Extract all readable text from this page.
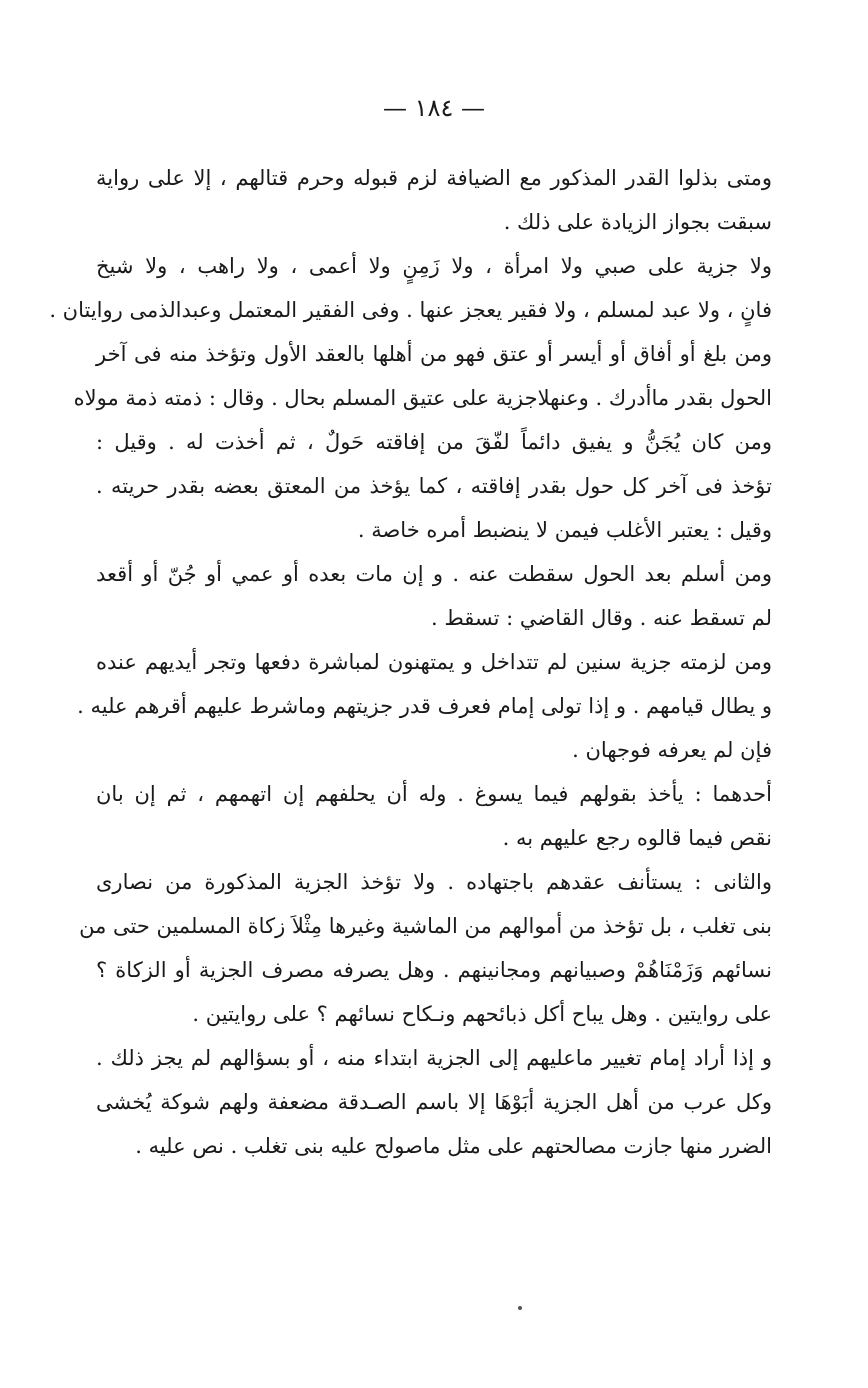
— ١٨٤ —
ومتى بذلوا القدر المذكور مع الضيافة لزم قبوله وحرم قتالهم ، إلا على رواية
سبقت بجواز الزيادة على ذلك .
ولا جزية على صبي ولا امرأة ، ولا زَمِنٍ ولا أعمى ، ولا راهب ، ولا شيخ
فانٍ ، ولا عبد لمسلم ، ولا فقير يعجز عنها . وفى الفقير المعتمل وعبدالذمى روايتان .
ومن بلغ أو أفاق أو أيسر أو عتق فهو من أهلها بالعقد الأول وتؤخذ منه فى آخر
الحول بقدر ماأدرك . وعنهلاجزية على عتيق المسلم بحال . وقال : ذمته ذمة مولاه
ومن كان يُجَنُّ و يفيق دائماً لفّقَ من إفاقته حَولٌ ، ثم أخذت له . وقيل :
تؤخذ فى آخر كل حول بقدر إفاقته ، كما يؤخذ من المعتق بعضه بقدر حريته .
وقيل : يعتبر الأغلب فيمن لا ينضبط أمره خاصة .
ومن أسلم بعد الحول سقطت عنه . و إن مات بعده أو عمي أو جُنّ أو أقعد
لم تسقط عنه . وقال القاضي : تسقط .
ومن لزمته جزية سنين لم تتداخل و يمتهنون لمباشرة دفعها وتجر أيديهم عنده
و يطال قيامهم . و إذا تولى إمام فعرف قدر جزيتهم وماشرط عليهم أقرهم عليه .
فإن لم يعرفه فوجهان .
أحدهما : يأخذ بقولهم فيما يسوغ . وله أن يحلفهم إن اتهمهم ، ثم إن بان
نقص فيما قالوه رجع عليهم به .
والثانى : يستأنف عقدهم باجتهاده . ولا تؤخذ الجزية المذكورة من نصارى
بنى تغلب ، بل تؤخذ من أموالهم من الماشية وغيرها مِثْلاَ زكاة المسلمين حتى من
نسائهم وَزَمْنَاهُمْ وصبيانهم ومجانينهم . وهل يصرفه مصرف الجزية أو الزكاة ؟
على روايتين . وهل يباح أكل ذبائحهم ونـكاح نسائهم ؟ على روايتين .
و إذا أراد إمام تغيير ماعليهم إلى الجزية ابتداء منه ، أو بسؤالهم لم يجز ذلك .
وكل عرب من أهل الجزية أبَوْهَا إلا باسم الصـدقة مضعفة ولهم شوكة يُخشى
الضرر منها جازت مصالحتهم على مثل ماصولح عليه بنى تغلب . نص عليه .
